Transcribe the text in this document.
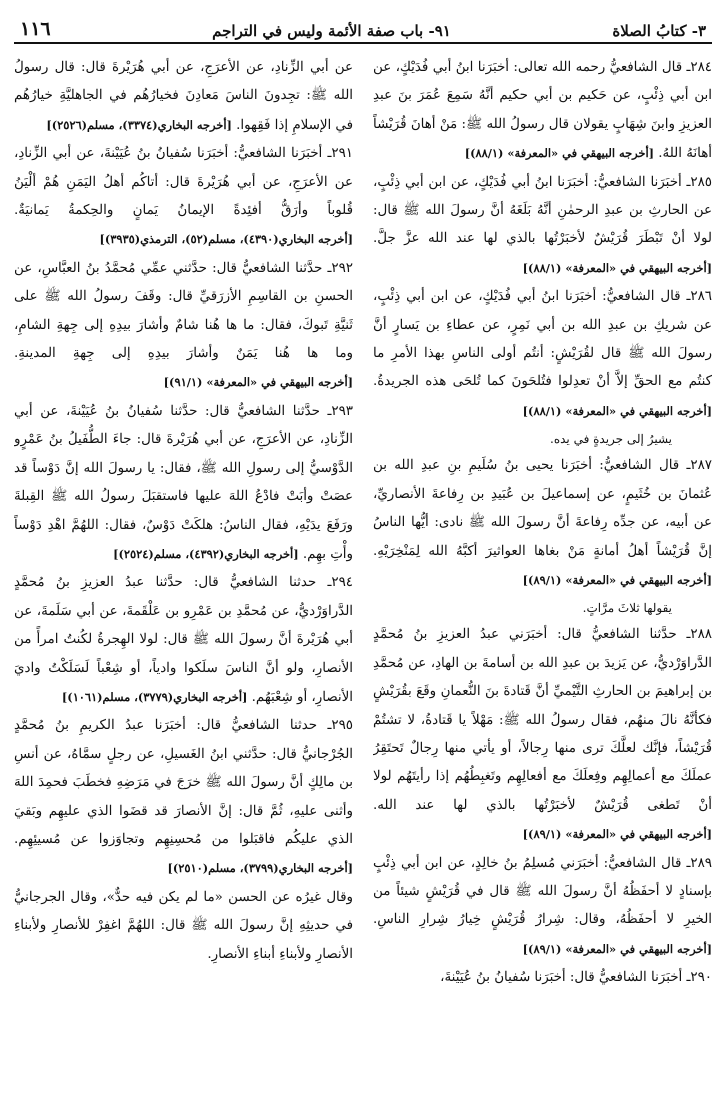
٣- كتابُ الصلاة
٩١- باب صفة الأئمة وليس في التراجم
١١٦

٢٨٤ـ قال الشافعيُّ رحمه الله تعالى: أخبَرَنا ابنُ أبي فُدَيْكٍ، عن ابن أبي ذِئْبٍ، عن حَكيم بن أبي حكيم أنَّهُ سَمِعَ عُمَرَ بنَ عبدِ العزيزِ وابنَ شِهَابٍ يقولان قال رسولُ الله ﷺ: مَنْ أهانَ قُرَيْشاً أهانَهُ اللهُ. [أخرجه البيهقي في «المعرفة» (٨٨/١)]

٢٨٥ـ أخبَرَنا الشافعيُّ: أخبَرَنا ابنُ أبي فُدَيْكٍ، عن ابن أبي ذِئْبٍ، عن الحارثِ بن عبدِ الرحمٰنِ أنَّهُ بَلَغَهُ أنَّ رسولَ الله ﷺ قال: لولا أنْ تَبْطَرَ قُرَيْشٌ لأخبَرْتُها بالذي لها عند الله عزَّ جلَّ. [أخرجه البيهقي في «المعرفة» (٨٨/١)]

٢٨٦ـ قال الشافعيُّ: أخبَرَنا ابنُ أبي فُدَيْكٍ، عن ابن أبي ذِئْبٍ، عن شريكِ بن عبدِ الله بن أبي نَمِرٍ، عن عطاءِ بن يَسارٍ أنَّ رسولَ الله ﷺ قال لقُرَيْشٍ: أنتُم أولى الناسِ بهذا الأمرِ ما كنتُم مع الحقِّ إلاَّ أنْ تعدِلوا فتُلحَونَ كما تُلحَى هذه الجريدةُ. [أخرجه البيهقي في «المعرفة» (٨٨/١)]

يشيرُ إلى جريدةٍ في يده.

٢٨٧ـ قال الشافعيُّ: أخبَرَنا يحيى بنُ سُلَيمِ بنِ عبدِ الله بن عُثمانَ بن خُثَيمٍ، عن إسماعيلَ بن عُبَيدِ بن رِفاعةَ الأنصاريِّ، عن أبيه، عن جدِّه رِفاعةَ أنَّ رسولَ الله ﷺ نادى: أيُّها الناسُ إنَّ قُرَيْشاً أهلُ أمانةٍ مَنْ بغاها العواثيرَ أكبَّهُ الله لِمَنْخِرَيْهِ. [أخرجه البيهقي في «المعرفة» (٨٩/١)]

يقولها ثلاثَ مرَّاتٍ.

٢٨٨ـ حدَّثنا الشافعيُّ قال: أخبَرَني عبدُ العزيزِ بنُ مُحمَّدٍ الدَّراوَرْديُّ، عن يَزيدَ بن عبدِ الله بن أسامةَ بن الهادِ، عن مُحمَّدِ بن إبراهيمَ بن الحارثِ التَّيْميِّ أنَّ قَتادةَ بنَ النُّعمانِ وقَعَ بقُرَيْشٍ فكأنَّهُ نالَ منهُم، فقال رسولُ الله ﷺ: مَهْلاً يا قَتادةُ، لا تشتُمْ قُرَيْشاً، فإنَّك لعلَّكَ ترى منها رِجالاً، أو يأتي منها رِجالٌ تَحتَقِرُ عملَكَ مع أعمالِهِم وفِعلَكَ مع أفعالِهِم وتَغبِطُهُم إذا رأيتَهُم لولا أنْ تَطغى قُرَيْشٌ لأخبَرْتُها بالذي لها عند الله. [أخرجه البيهقي في «المعرفة» (٨٩/١)]

٢٨٩ـ قال الشافعيُّ: أخبَرَني مُسلِمُ بنُ خالِدٍ، عن ابن أبي ذِئْبٍ بإسنادٍ لا أحفَظُهُ أنَّ رسولَ الله ﷺ قال في قُرَيْشٍ شيئاً من الخيرِ لا أحفَظُهُ، وقال: شِرارُ قُرَيْشٍ خِيارُ شِرارِ الناسِ. [أخرجه البيهقي في «المعرفة» (٨٩/١)]

٢٩٠ـ أخبَرَنا الشافعيُّ قال: أخبَرَنا سُفيانُ بنُ عُيَيْنةَ،

عن أبي الزِّنادِ، عن الأعرَجِ، عن أبي هُرَيْرةَ قال: قال رسولُ الله ﷺ: تجِدونَ الناسَ مَعادِنَ فخيارُهُم في الجاهليَّةِ خيارُهُم في الإسلامِ إذا فَقِهوا. [أخرجه البخاري(٣٣٧٤)، مسلم(٢٥٢٦)]

٢٩١ـ أخبَرَنا الشافعيُّ: أخبَرَنا سُفيانُ بنُ عُيَيْنةَ، عن أبي الزِّنادِ، عن الأعرَجِ، عن أبي هُرَيْرةَ قال: أتاكُم أهلُ اليَمَنِ هُمْ ألْيَنُ قُلوباً وأرَقُّ أفئِدةً الإيمانُ يَمانٍ والحِكمةُ يَمانيَةٌ. [أخرجه البخاري(٤٣٩٠)، مسلم(٥٢)، الترمذي(٣٩٣٥)]

٢٩٢ـ حدَّثنا الشافعيُّ قال: حدَّثني عمِّي مُحمَّدُ بنُ العبَّاسِ، عن الحسنِ بن القاسِمِ الأزرَقيِّ قال: وقَفَ رسولُ الله ﷺ على ثَنيَّةِ تَبوكَ، فقال: ما ها هُنا شامٌ وأشارَ بيدِهِ إلى جِهةِ الشامِ، وما ها هُنا يَمَنٌ وأشارَ بيدِهِ إلى جِهةِ المدينةِ. [أخرجه البيهقي في «المعرفة» (٩١/١)]

٢٩٣ـ حدَّثنا الشافعيُّ قال: حدَّثنا سُفيانُ بنُ عُيَيْنةَ، عن أبي الزِّنادِ، عن الأعرَجِ، عن أبي هُرَيْرةَ قال: جاءَ الطُّفَيلُ بنُ عَمْرٍو الدَّوْسيُّ إلى رسولِ الله ﷺ، فقال: يا رسولَ الله إنَّ دَوْساً قد عصَتْ وأبَتْ فادْعُ اللهَ عليها فاستقبَلَ رسولُ الله ﷺ القِبلةَ ورَفَعَ يدَيْهِ، فقال الناسُ: هلكَتْ دَوْسٌ، فقال: اللهُمَّ اهْدِ دَوْساً وأْتِ بهِم. [أخرجه البخاري(٤٣٩٢)، مسلم(٢٥٢٤)]

٢٩٤ـ حدثنا الشافعيُّ قال: حدَّثنا عبدُ العزيزِ بنُ مُحمَّدٍ الدَّراوَرْديُّ، عن مُحمَّدِ بن عَمْرِو بن عَلْقَمةَ، عن أبي سَلَمةَ، عن أبي هُرَيْرةَ أنَّ رسولَ الله ﷺ قال: لولا الهِجرةُ لكُنتُ امرأً من الأنصارِ، ولو أنَّ الناسَ سلَكوا وادياً، أو شِعْباً لَسَلَكْتُ واديَ الأنصارِ، أو شِعْبَهُم. [أخرجه البخاري(٣٧٧٩)، مسلم(١٠٦١)]

٢٩٥ـ حدثنا الشافعيُّ قال: أخبَرَنا عبدُ الكريمِ بنُ مُحمَّدٍ الجُرْجانيُّ قال: حدَّثني ابنُ الغَسيلِ، عن رجلٍ سمَّاهُ، عن أنسِ بن مالِكٍ أنَّ رسولَ الله ﷺ خرَجَ في مَرَضِهِ فخطَبَ فحمِدَ اللهَ وأثنى عليهِ، ثُمَّ قال: إنَّ الأنصارَ قد قضَوا الذي عليهِم وبَقيَ الذي عليكُم فاقبَلوا من مُحسِنِهِم وتجاوَزوا عن مُسيئِهِم. [أخرجه البخاري(٣٧٩٩)، مسلم(٢٥١٠)]

وقال غيرُه عن الحسن «ما لم يكن فيه حدٌّ»، وقال الجرجانيُّ في حديثِهِ إنَّ رسولَ الله ﷺ قال: اللهُمَّ اغفِرْ للأنصارِ ولأبناءِ الأنصارِ ولأبناءِ أبناءِ الأنصارِ.
